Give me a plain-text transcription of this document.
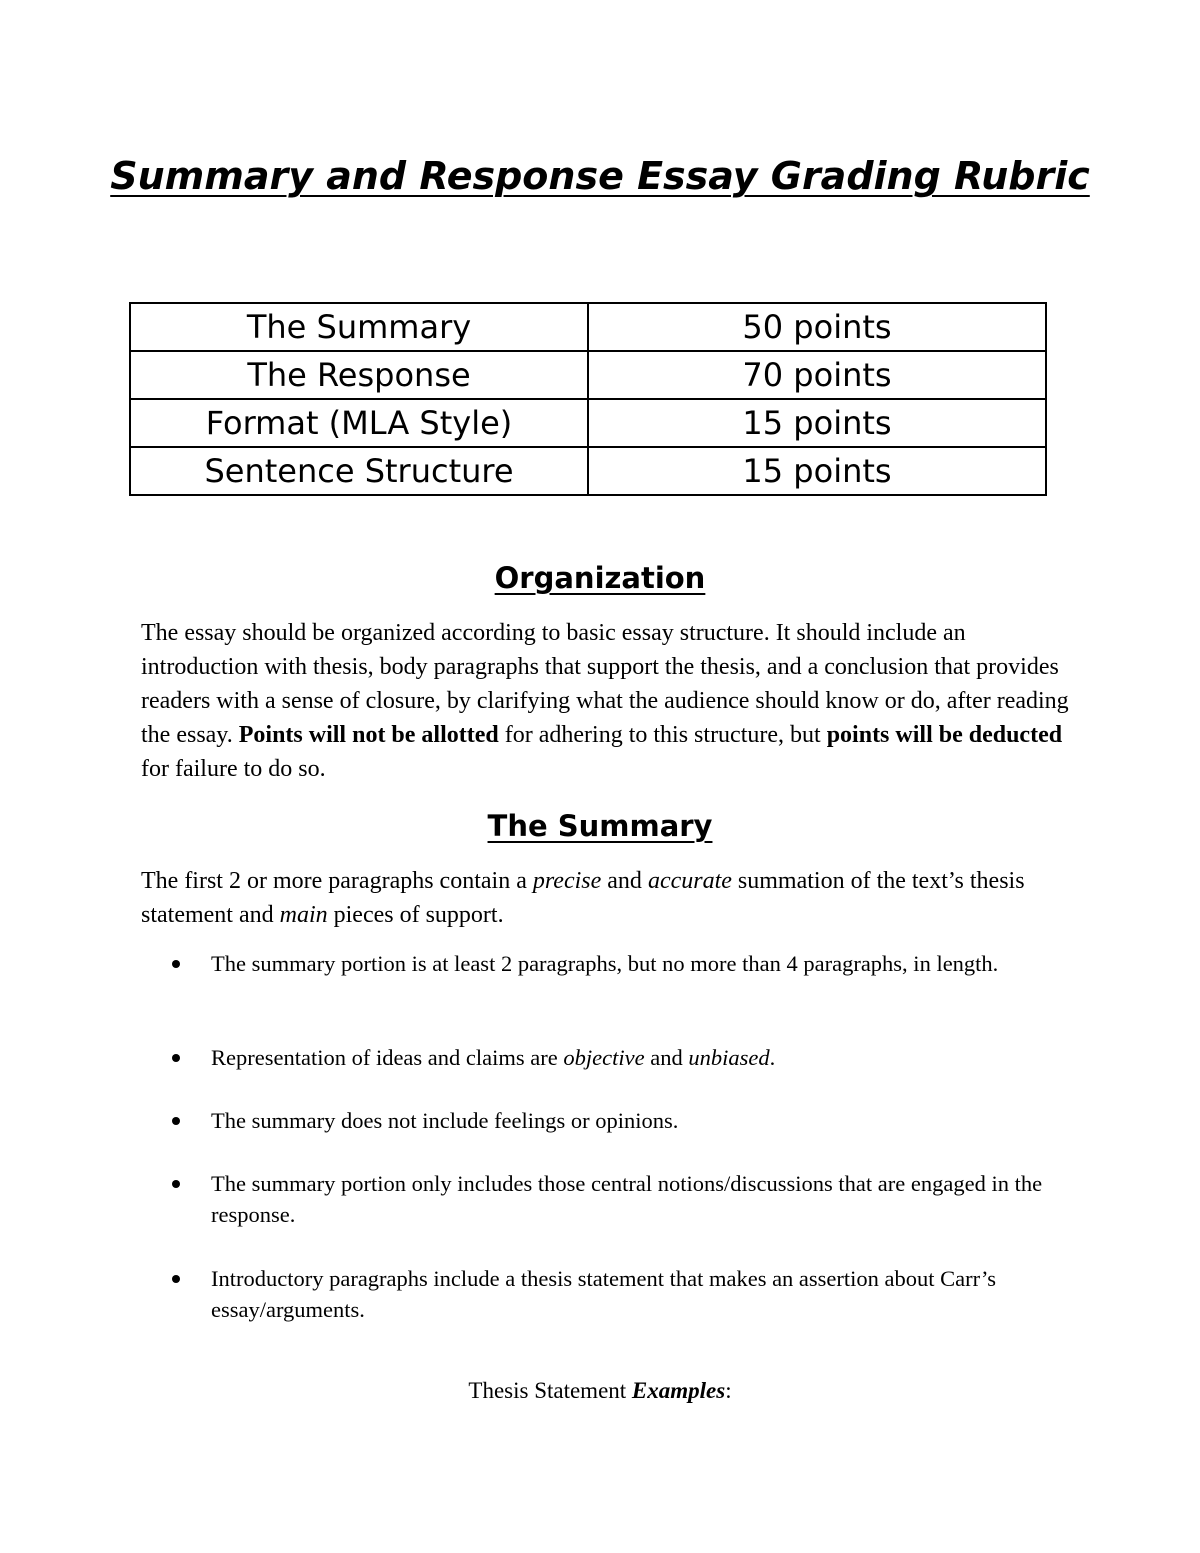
Summary and Response Essay Grading Rubric
The Summary	50 points
The Response	70 points
Format (MLA Style)	15 points
Sentence Structure	15 points
Organization

The essay should be organized according to basic essay structure. It should include an introduction with thesis, body paragraphs that support the thesis, and a conclusion that provides readers with a sense of closure, by clarifying what the audience should know or do, after reading the essay. Points will not be allotted for adhering to this structure, but points will be deducted for failure to do so.

The Summary

The first 2 or more paragraphs contain a precise and accurate summation of the text’s thesis statement and main pieces of support.

The summary portion is at least 2 paragraphs, but no more than 4 paragraphs, in length.
Representation of ideas and claims are objective and unbiased.
The summary does not include feelings or opinions.
The summary portion only includes those central notions/discussions that are engaged in the response.
Introductory paragraphs include a thesis statement that makes an assertion about Carr’s essay/arguments.

Thesis Statement Examples:
